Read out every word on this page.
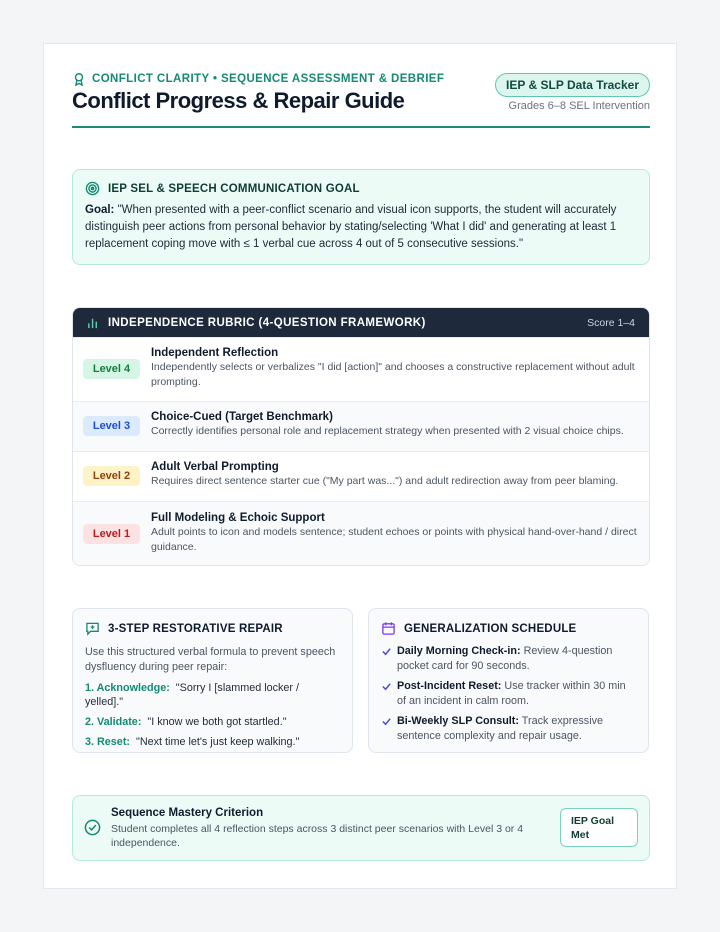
CONFLICT CLARITY • SEQUENCE ASSESSMENT & DEBRIEF
Conflict Progress & Repair Guide
IEP & SLP Data Tracker
Grades 6–8 SEL Intervention
IEP SEL & SPEECH COMMUNICATION GOAL
Goal: "When presented with a peer-conflict scenario and visual icon supports, the student will accurately distinguish peer actions from personal behavior by stating/selecting 'What I did' and generating at least 1 replacement coping move with ≤ 1 verbal cue across 4 out of 5 consecutive sessions."
INDEPENDENCE RUBRIC (4-QUESTION FRAMEWORK)	Score 1–4
Level 4
Independent Reflection
Independently selects or verbalizes "I did [action]" and chooses a constructive replacement without adult prompting.
Level 3
Choice-Cued (Target Benchmark)
Correctly identifies personal role and replacement strategy when presented with 2 visual choice chips.
Level 2
Adult Verbal Prompting
Requires direct sentence starter cue ("My part was...") and adult redirection away from peer blaming.
Level 1
Full Modeling & Echoic Support
Adult points to icon and models sentence; student echoes or points with physical hand-over-hand / direct guidance.
3-STEP RESTORATIVE REPAIR
Use this structured verbal formula to prevent speech dysfluency during peer repair:
1. Acknowledge: "Sorry I [slammed locker / yelled]."
2. Validate: "I know we both got startled."
3. Reset: "Next time let's just keep walking."
GENERALIZATION SCHEDULE
Daily Morning Check-in: Review 4-question pocket card for 90 seconds.
Post-Incident Reset: Use tracker within 30 min of an incident in calm room.
Bi-Weekly SLP Consult: Track expressive sentence complexity and repair usage.
Sequence Mastery Criterion
Student completes all 4 reflection steps across 3 distinct peer scenarios with Level 3 or 4 independence.
IEP Goal Met
